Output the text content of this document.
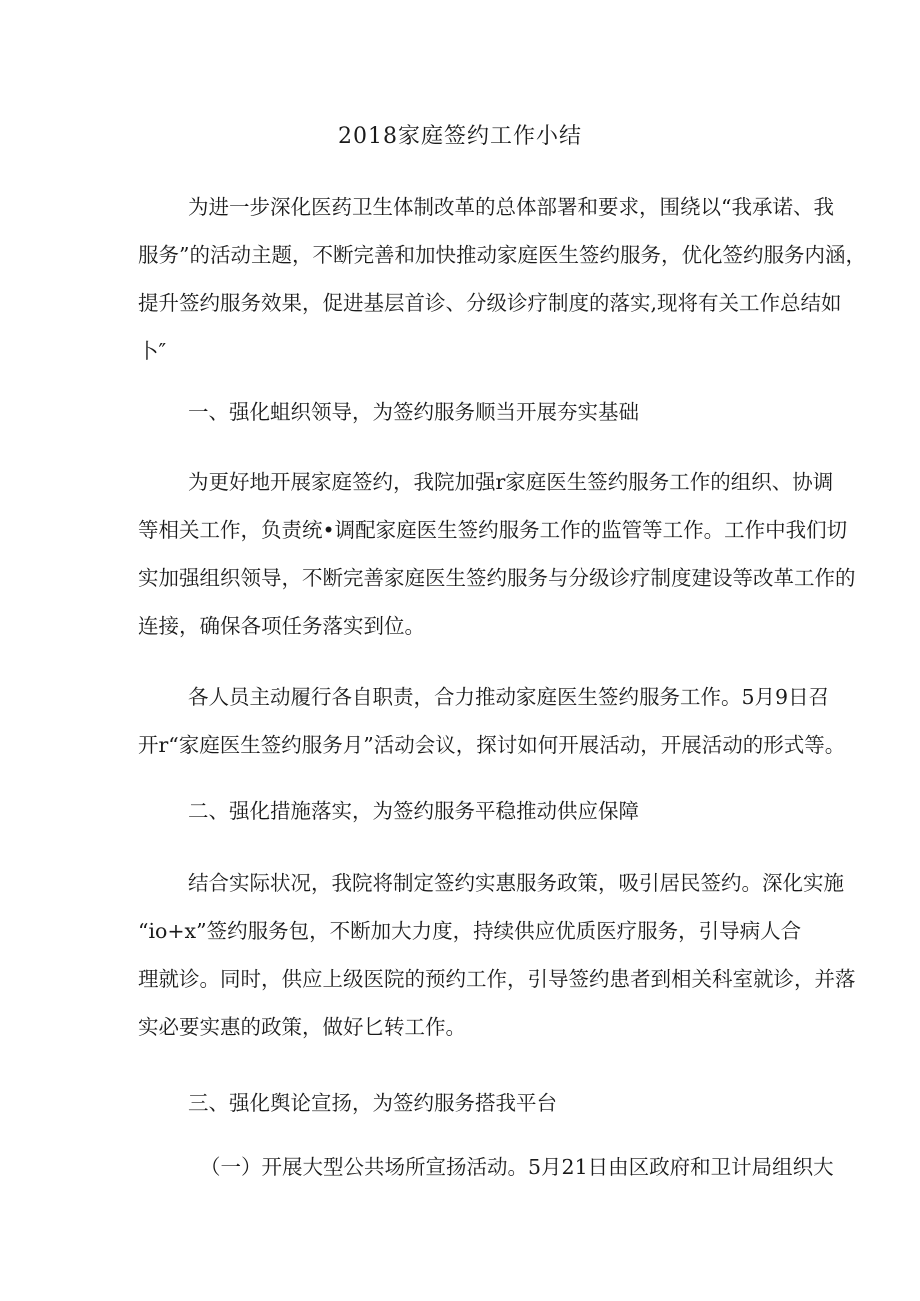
2018家庭签约工作小结
为进一步深化医药卫生体制改革的总体部署和要求，围绕以“我承诺、我
服务”的活动主题，不断完善和加快推动家庭医生签约服务，优化签约服务内涵，
提升签约服务效果，促进基层首诊、分级诊疗制度的落实,现将有关工作总结如
卜″
一、强化蛆织领导，为签约服务顺当开展夯实基础
为更好地开展家庭签约，我院加强r家庭医生签约服务工作的组织、协调
等相关工作，负责统•调配家庭医生签约服务工作的监管等工作。工作中我们切
实加强组织领导，不断完善家庭医生签约服务与分级诊疗制度建设等改革工作的
连接，确保各项任务落实到位。
各人员主动履行各自职责，合力推动家庭医生签约服务工作。5月9日召
开r“家庭医生签约服务月”活动会议，探讨如何开展活动，开展活动的形式等。
二、强化措施落实，为签约服务平稳推动供应保障
结合实际状况，我院将制定签约实惠服务政策，吸引居民签约。深化实施
“io+x”签约服务包，不断加大力度，持续供应优质医疗服务，引导病人合
理就诊。同时，供应上级医院的预约工作，引导签约患者到相关科室就诊，并落
实必要实惠的政策，做好匕转工作。
三、强化舆论宣扬，为签约服务搭我平台
（一）开展大型公共场所宣扬活动。5月21日由区政府和卫计局组织大
